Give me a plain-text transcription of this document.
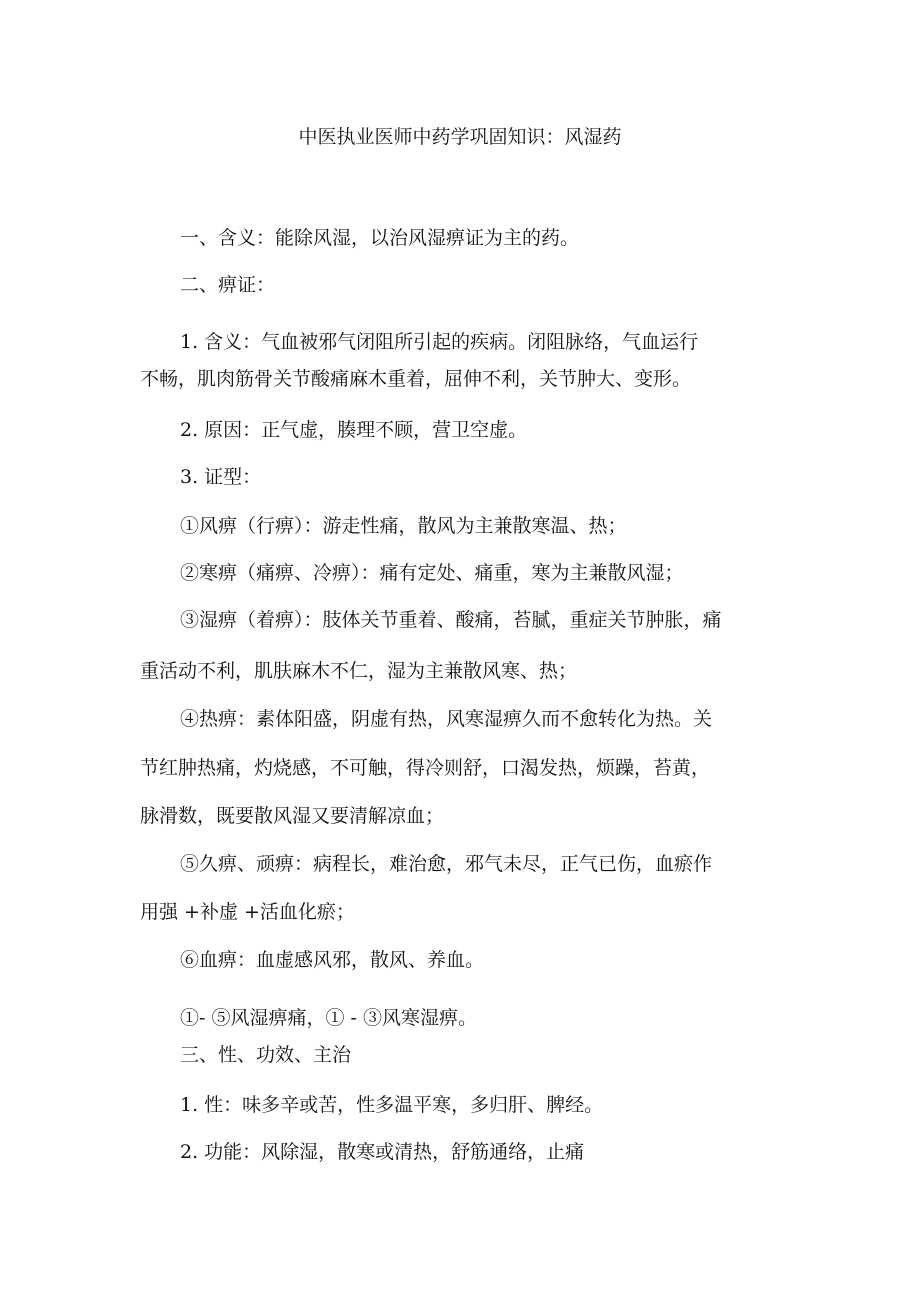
中医执业医师中药学巩固知识：风湿药

一、含义：能除风湿，以治风湿痹证为主的药。

二、痹证：

1. 含义：气血被邪气闭阻所引起的疾病。闭阻脉络，气血运行

不畅，肌肉筋骨关节酸痛麻木重着，屈伸不利，关节肿大、变形。

2. 原因：正气虚，腠理不顾，营卫空虚。

3. 证型：

①风痹（行痹）：游走性痛，散风为主兼散寒温、热；

②寒痹（痛痹、冷痹）：痛有定处、痛重，寒为主兼散风湿；

③湿痹（着痹）：肢体关节重着、酸痛，苔腻，重症关节肿胀，痛

重活动不利，肌肤麻木不仁，湿为主兼散风寒、热；

④热痹：素体阳盛，阴虚有热，风寒湿痹久而不愈转化为热。关

节红肿热痛，灼烧感，不可触，得冷则舒，口渴发热，烦躁，苔黄，

脉滑数，既要散风湿又要清解凉血；

⑤久痹、顽痹：病程长，难治愈，邪气未尽，正气已伤，血瘀作

用强 +补虚 +活血化瘀；

⑥血痹：血虚感风邪，散风、养血。

①- ⑤风湿痹痛，① - ③风寒湿痹。

三、性、功效、主治

1. 性：味多辛或苦，性多温平寒，多归肝、脾经。

2. 功能：风除湿，散寒或清热，舒筋通络，止痛
